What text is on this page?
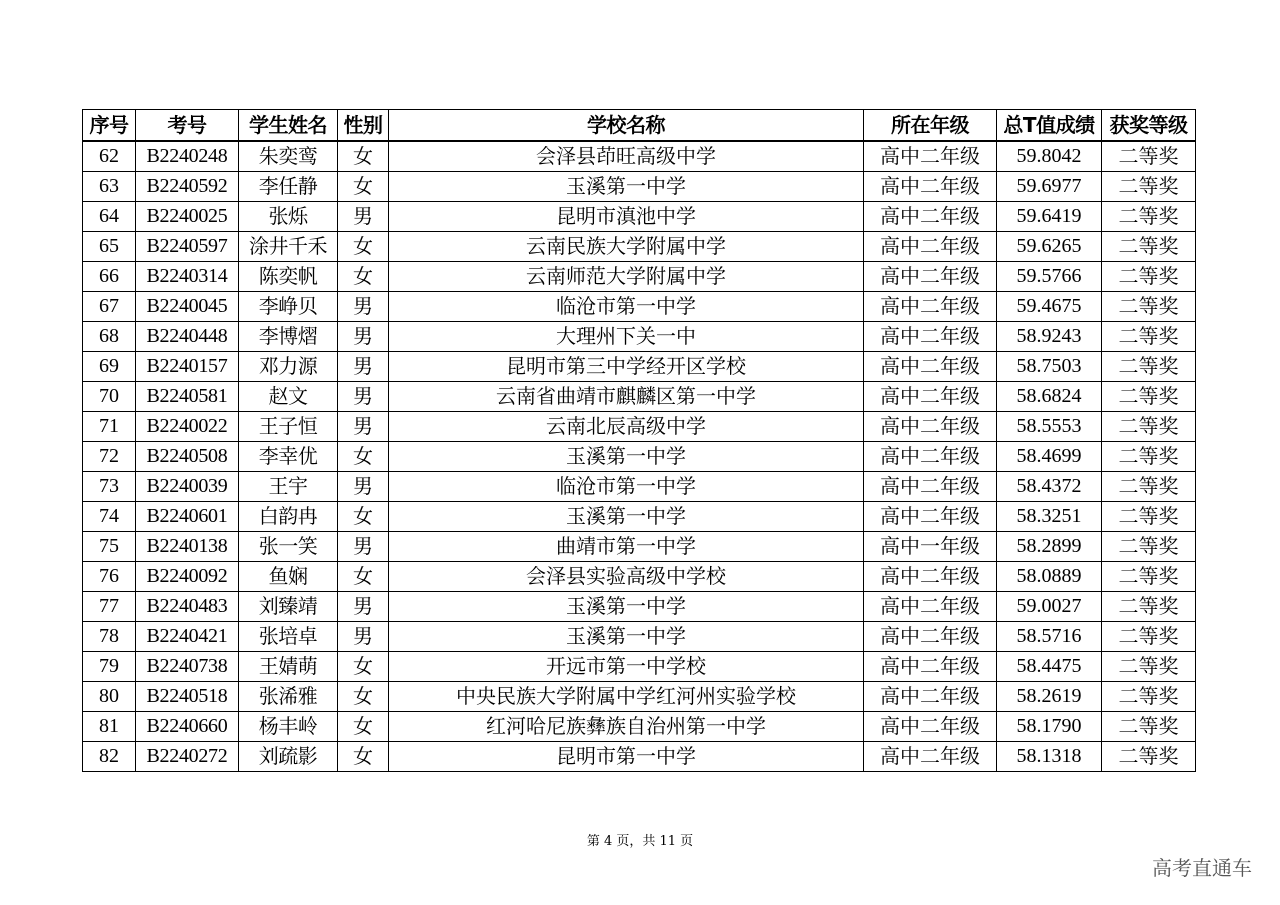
序号	考号	学生姓名	性别	学校名称	所在年级	总T值成绩	获奖等级
62	B2240248	朱奕鸾	女	会泽县茚旺高级中学	高中二年级	59.8042	二等奖
63	B2240592	李任静	女	玉溪第一中学	高中二年级	59.6977	二等奖
64	B2240025	张烁	男	昆明市滇池中学	高中二年级	59.6419	二等奖
65	B2240597	涂井千禾	女	云南民族大学附属中学	高中二年级	59.6265	二等奖
66	B2240314	陈奕帆	女	云南师范大学附属中学	高中二年级	59.5766	二等奖
67	B2240045	李峥贝	男	临沧市第一中学	高中二年级	59.4675	二等奖
68	B2240448	李博熠	男	大理州下关一中	高中二年级	58.9243	二等奖
69	B2240157	邓力源	男	昆明市第三中学经开区学校	高中二年级	58.7503	二等奖
70	B2240581	赵文	男	云南省曲靖市麒麟区第一中学	高中二年级	58.6824	二等奖
71	B2240022	王子恒	男	云南北辰高级中学	高中二年级	58.5553	二等奖
72	B2240508	李幸优	女	玉溪第一中学	高中二年级	58.4699	二等奖
73	B2240039	王宇	男	临沧市第一中学	高中二年级	58.4372	二等奖
74	B2240601	白韵冉	女	玉溪第一中学	高中二年级	58.3251	二等奖
75	B2240138	张一笑	男	曲靖市第一中学	高中一年级	58.2899	二等奖
76	B2240092	鱼娴	女	会泽县实验高级中学校	高中二年级	58.0889	二等奖
77	B2240483	刘臻靖	男	玉溪第一中学	高中二年级	59.0027	二等奖
78	B2240421	张培卓	男	玉溪第一中学	高中二年级	58.5716	二等奖
79	B2240738	王婧萌	女	开远市第一中学校	高中二年级	58.4475	二等奖
80	B2240518	张浠雅	女	中央民族大学附属中学红河州实验学校	高中二年级	58.2619	二等奖
81	B2240660	杨丰岭	女	红河哈尼族彝族自治州第一中学	高中二年级	58.1790	二等奖
82	B2240272	刘疏影	女	昆明市第一中学	高中二年级	58.1318	二等奖
第 4 页，共 11 页
高考直通车
